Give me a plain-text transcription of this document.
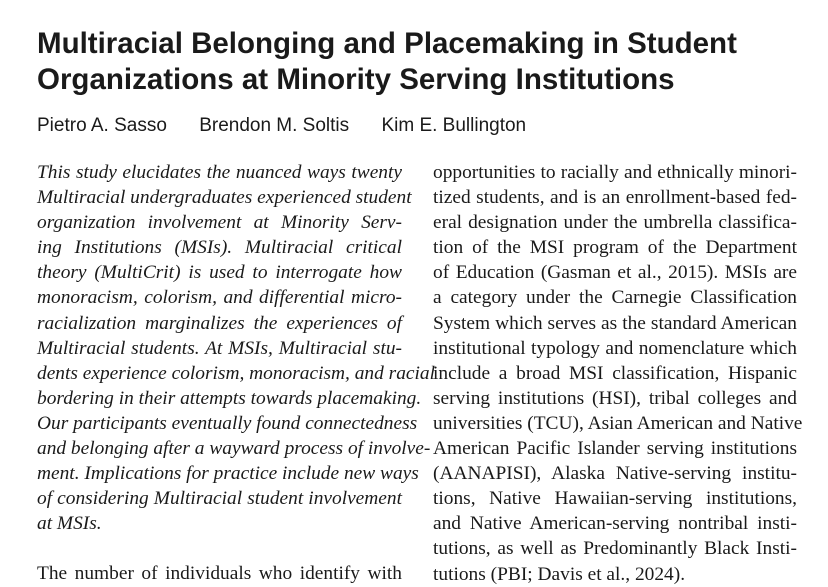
Multiracial Belonging and Placemaking in Student
Organizations at Minority Serving Institutions
Pietro A. Sasso Brendon M. Soltis Kim E. Bullington
This study elucidates the nuanced ways twenty
Multiracial undergraduates experienced student
organization involvement at Minority Serv-
ing Institutions (MSIs). Multiracial critical
theory (MultiCrit) is used to interrogate how
monoracism, colorism, and differential micro-
racialization marginalizes the experiences of
Multiracial students. At MSIs, Multiracial stu-
dents experience colorism, monoracism, and racial
bordering in their attempts towards placemaking.
Our participants eventually found connectedness
and belonging after a wayward process of involve-
ment. Implications for practice include new ways
of considering Multiracial student involvement
at MSIs.
The number of individuals who identify with
opportunities to racially and ethnically minori-
tized students, and is an enrollment-based fed-
eral designation under the umbrella classifica-
tion of the MSI program of the Department
of Education (Gasman et al., 2015). MSIs are
a category under the Carnegie Classification
System which serves as the standard American
institutional typology and nomenclature which
include a broad MSI classification, Hispanic
serving institutions (HSI), tribal colleges and
universities (TCU), Asian American and Native
American Pacific Islander serving institutions
(AANAPISI), Alaska Native-serving institu-
tions, Native Hawaiian-serving institutions,
and Native American-serving nontribal insti-
tutions, as well as Predominantly Black Insti-
tutions (PBI; Davis et al., 2024).
